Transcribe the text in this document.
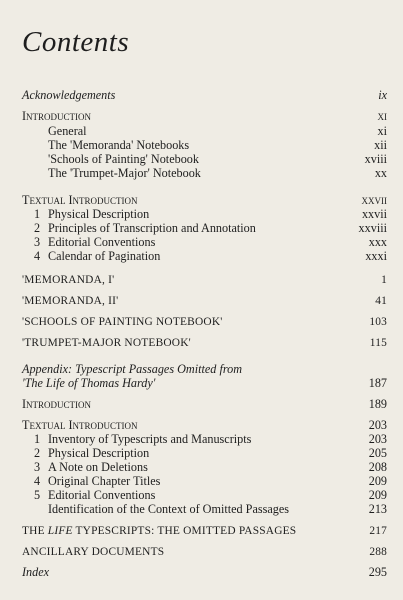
Contents
Acknowledgements	ix
Introduction	xi
General	xi
The 'Memoranda' Notebooks	xii
'Schools of Painting' Notebook	xviii
The 'Trumpet-Major' Notebook	xx
Textual Introduction	xxvii
1 Physical Description	xxvii
2 Principles of Transcription and Annotation	xxviii
3 Editorial Conventions	xxx
4 Calendar of Pagination	xxxi
'MEMORANDA, I'	1
'MEMORANDA, II'	41
'SCHOOLS OF PAINTING NOTEBOOK'	103
'TRUMPET-MAJOR NOTEBOOK'	115
Appendix: Typescript Passages Omitted from
'The Life of Thomas Hardy'	187
Introduction	189
Textual Introduction	203
1 Inventory of Typescripts and Manuscripts	203
2 Physical Description	205
3 A Note on Deletions	208
4 Original Chapter Titles	209
5 Editorial Conventions	209
Identification of the Context of Omitted Passages	213
THE LIFE TYPESCRIPTS: THE OMITTED PASSAGES	217
ANCILLARY DOCUMENTS	288
Index	295
